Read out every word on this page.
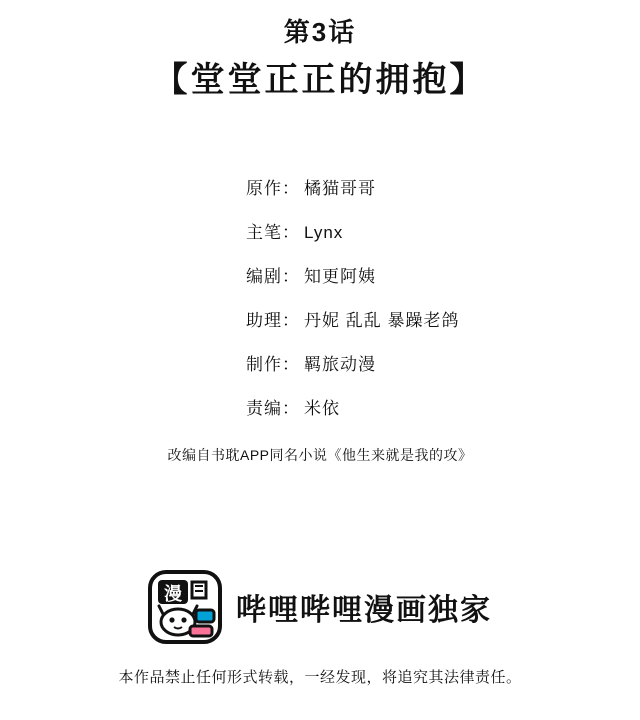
第3话
【堂堂正正的拥抱】
原作： 橘猫哥哥
主笔： Lynx
编剧： 知更阿姨
助理： 丹妮 乱乱 暴躁老鸽
制作： 羁旅动漫
责编： 米依
改编自书耽APP同名小说《他生来就是我的攻》
漫 哔哩哔哩漫画独家
本作品禁止任何形式转载，一经发现，将追究其法律责任。
